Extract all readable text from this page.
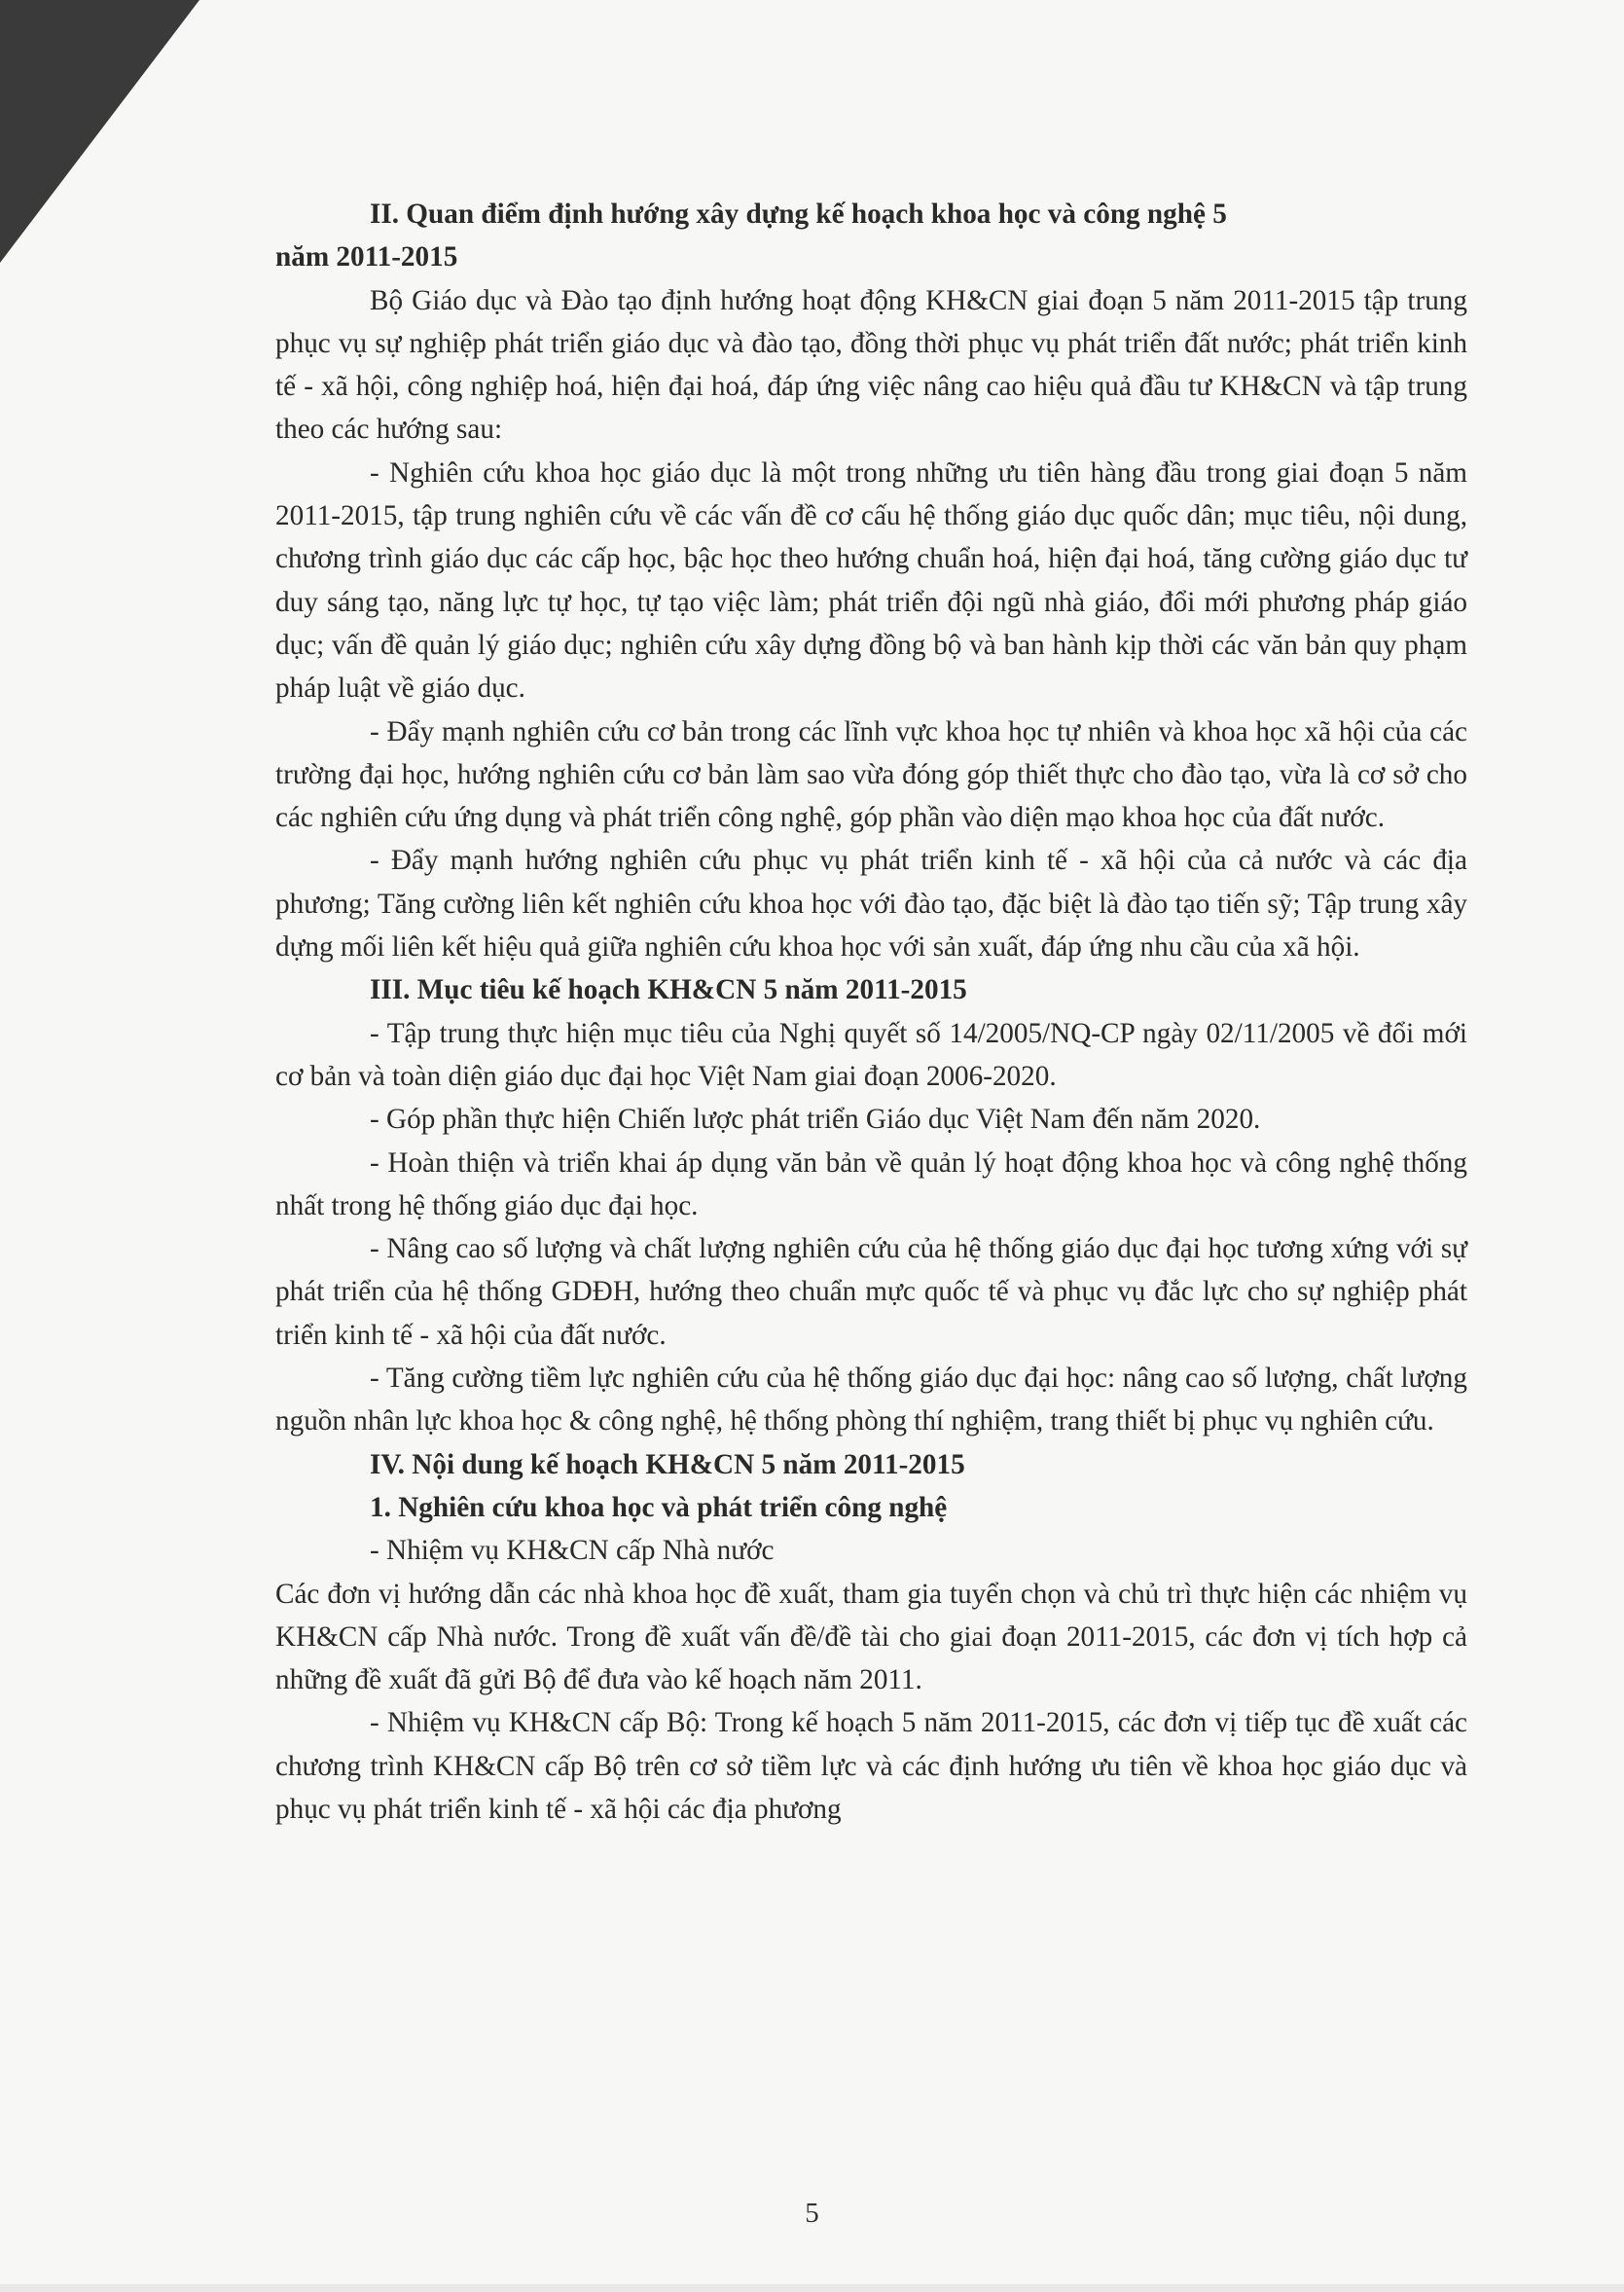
II. Quan điểm định hướng xây dựng kế hoạch khoa học và công nghệ 5

năm 2011-2015

Bộ Giáo dục và Đào tạo định hướng hoạt động KH&CN giai đoạn 5 năm 2011-2015 tập trung phục vụ sự nghiệp phát triển giáo dục và đào tạo, đồng thời phục vụ phát triển đất nước; phát triển kinh tế - xã hội, công nghiệp hoá, hiện đại hoá, đáp ứng việc nâng cao hiệu quả đầu tư KH&CN và tập trung theo các hướng sau:

- Nghiên cứu khoa học giáo dục là một trong những ưu tiên hàng đầu trong giai đoạn 5 năm 2011-2015, tập trung nghiên cứu về các vấn đề cơ cấu hệ thống giáo dục quốc dân; mục tiêu, nội dung, chương trình giáo dục các cấp học, bậc học theo hướng chuẩn hoá, hiện đại hoá, tăng cường giáo dục tư duy sáng tạo, năng lực tự học, tự tạo việc làm; phát triển đội ngũ nhà giáo, đổi mới phương pháp giáo dục; vấn đề quản lý giáo dục; nghiên cứu xây dựng đồng bộ và ban hành kịp thời các văn bản quy phạm pháp luật về giáo dục.

- Đẩy mạnh nghiên cứu cơ bản trong các lĩnh vực khoa học tự nhiên và khoa học xã hội của các trường đại học, hướng nghiên cứu cơ bản làm sao vừa đóng góp thiết thực cho đào tạo, vừa là cơ sở cho các nghiên cứu ứng dụng và phát triển công nghệ, góp phần vào diện mạo khoa học của đất nước.

- Đẩy mạnh hướng nghiên cứu phục vụ phát triển kinh tế - xã hội của cả nước và các địa phương; Tăng cường liên kết nghiên cứu khoa học với đào tạo, đặc biệt là đào tạo tiến sỹ; Tập trung xây dựng mối liên kết hiệu quả giữa nghiên cứu khoa học với sản xuất, đáp ứng nhu cầu của xã hội.

III. Mục tiêu kế hoạch KH&CN 5 năm 2011-2015

- Tập trung thực hiện mục tiêu của Nghị quyết số 14/2005/NQ-CP ngày 02/11/2005 về đổi mới cơ bản và toàn diện giáo dục đại học Việt Nam giai đoạn 2006-2020.

- Góp phần thực hiện Chiến lược phát triển Giáo dục Việt Nam đến năm 2020.

- Hoàn thiện và triển khai áp dụng văn bản về quản lý hoạt động khoa học và công nghệ thống nhất trong hệ thống giáo dục đại học.

- Nâng cao số lượng và chất lượng nghiên cứu của hệ thống giáo dục đại học tương xứng với sự phát triển của hệ thống GDĐH, hướng theo chuẩn mực quốc tế và phục vụ đắc lực cho sự nghiệp phát triển kinh tế - xã hội của đất nước.

- Tăng cường tiềm lực nghiên cứu của hệ thống giáo dục đại học: nâng cao số lượng, chất lượng nguồn nhân lực khoa học & công nghệ, hệ thống phòng thí nghiệm, trang thiết bị phục vụ nghiên cứu.

IV. Nội dung kế hoạch KH&CN 5 năm 2011-2015

1. Nghiên cứu khoa học và phát triển công nghệ

- Nhiệm vụ KH&CN cấp Nhà nước

Các đơn vị hướng dẫn các nhà khoa học đề xuất, tham gia tuyển chọn và chủ trì thực hiện các nhiệm vụ KH&CN cấp Nhà nước. Trong đề xuất vấn đề/đề tài cho giai đoạn 2011-2015, các đơn vị tích hợp cả những đề xuất đã gửi Bộ để đưa vào kế hoạch năm 2011.

- Nhiệm vụ KH&CN cấp Bộ: Trong kế hoạch 5 năm 2011-2015, các đơn vị tiếp tục đề xuất các chương trình KH&CN cấp Bộ trên cơ sở tiềm lực và các định hướng ưu tiên về khoa học giáo dục và phục vụ phát triển kinh tế - xã hội các địa phương

5
